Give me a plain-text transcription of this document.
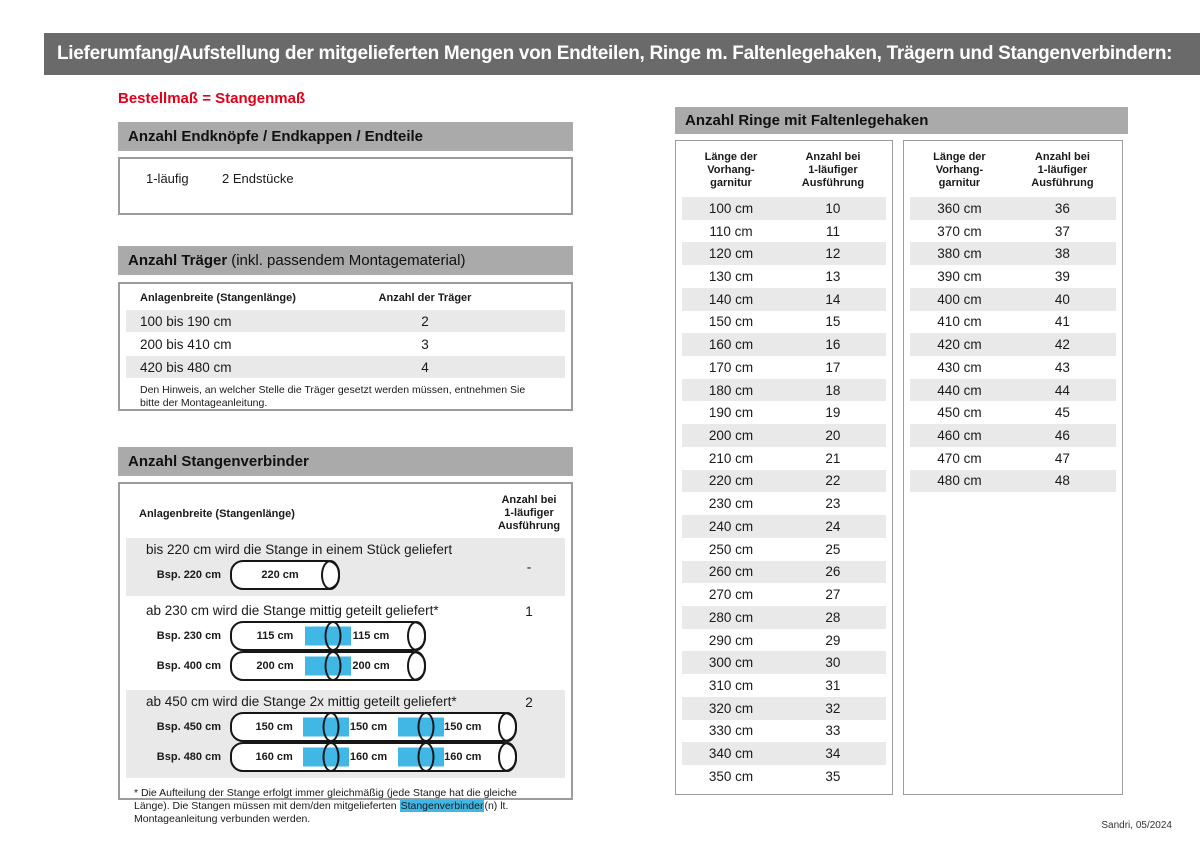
Lieferumfang/Aufstellung der mitgelieferten Mengen von Endteilen, Ringe m. Faltenlegehaken, Trägern und Stangenverbindern:
Bestellmaß = Stangenmaß
Anzahl Endknöpfe / Endkappen / Endteile
1-läufig	2 Endstücke
Anzahl Träger (inkl. passendem Montagematerial)
Anlagenbreite (Stangenlänge)	Anzahl der Träger
100 bis 190 cm	2
200 bis 410 cm	3
420 bis 480 cm	4
Den Hinweis, an welcher Stelle die Träger gesetzt werden müssen, entnehmen Sie bitte der Montageanleitung.
Anzahl Stangenverbinder
Anlagenbreite (Stangenlänge)
Anzahl bei
1-läufiger
Ausführung
bis 220 cm wird die Stange in einem Stück geliefert
-
Bsp. 220 cm	220 cm
ab 230 cm wird die Stange mittig geteilt geliefert*	1
Bsp. 230 cm	115 cm	115 cm
Bsp. 400 cm	200 cm	200 cm
ab 450 cm wird die Stange 2x mittig geteilt geliefert*	2
Bsp. 450 cm	150 cm	150 cm	150 cm
Bsp. 480 cm	160 cm	160 cm	160 cm
* Die Aufteilung der Stange erfolgt immer gleichmäßig (jede Stange hat die gleiche Länge). Die Stangen müssen mit dem/den mitgelieferten Stangenverbinder(n) lt. Montageanleitung verbunden werden.
Anzahl Ringe mit Faltenlegehaken
Länge der
Vorhang-
garnitur
Anzahl bei
1-läufiger
Ausführung
100 cm	10
110 cm	11
120 cm	12
130 cm	13
140 cm	14
150 cm	15
160 cm	16
170 cm	17
180 cm	18
190 cm	19
200 cm	20
210 cm	21
220 cm	22
230 cm	23
240 cm	24
250 cm	25
260 cm	26
270 cm	27
280 cm	28
290 cm	29
300 cm	30
310 cm	31
320 cm	32
330 cm	33
340 cm	34
350 cm	35
Länge der
Vorhang-
garnitur
Anzahl bei
1-läufiger
Ausführung
360 cm	36
370 cm	37
380 cm	38
390 cm	39
400 cm	40
410 cm	41
420 cm	42
430 cm	43
440 cm	44
450 cm	45
460 cm	46
470 cm	47
480 cm	48
Sandri, 05/2024
